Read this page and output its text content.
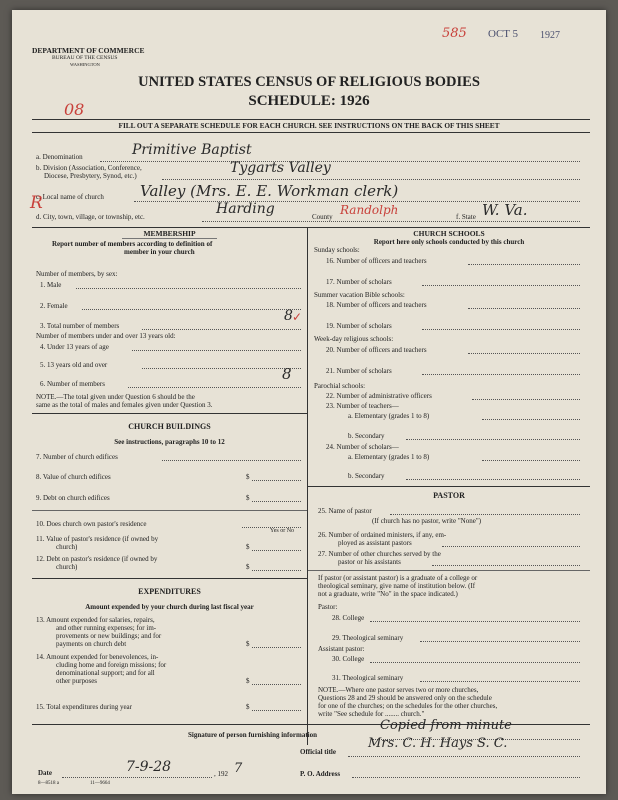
DEPARTMENT OF COMMERCE
BUREAU OF THE CENSUS
WASHINGTON
585 OCT 5 1927
UNITED STATES CENSUS OF RELIGIOUS BODIES
SCHEDULE: 1926
08
FILL OUT A SEPARATE SCHEDULE FOR EACH CHURCH. SEE INSTRUCTIONS ON THE BACK OF THIS SHEET
a. Denomination	Primitive Baptist
b. Division (Association, Conference,
Diocese, Presbytery, Synod, etc.)	Tygarts Valley
R
c. Local name of church Valley (Mrs. E. E. Workman clerk)
d. City, town, village, or township, etc.	Harding	County Randolph	f. State W. Va.
MEMBERSHIP
Report number of members according to definition of
member in your church
Number of members, by sex:
1. Male
2. Female
3. Total number of members
8 ✓
Number of members under and over 13 years old:
4. Under 13 years of age
5. 13 years old and over
6. Number of members
8
NOTE.—The total given under Question 6 should be the
same as the total of males and females given under Question 3.
CHURCH BUILDINGS
See instructions, paragraphs 10 to 12
7. Number of church edifices
8. Value of church edifices	$
9. Debt on church edifices	$
10. Does church own pastor's residence
Yes or No
11. Value of pastor's residence (if owned by
church)	$
12. Debt on pastor's residence (if owned by
church)	$
EXPENDITURES
Amount expended by your church during last fiscal year
13. Amount expended for salaries, repairs,
and other running expenses; for im-
provements or new buildings; and for
payments on church debt	$
14. Amount expended for benevolences, in-
cluding home and foreign missions; for
denominational support; and for all
other purposes	$
15. Total expenditures during year	$
CHURCH SCHOOLS
Report here only schools conducted by this church
Sunday schools:
16. Number of officers and teachers
17. Number of scholars
Summer vacation Bible schools:
18. Number of officers and teachers
19. Number of scholars
Week-day religious schools:
20. Number of officers and teachers
21. Number of scholars
Parochial schools:
22. Number of administrative officers
23. Number of teachers—
a. Elementary (grades 1 to 8)
b. Secondary
24. Number of scholars—
a. Elementary (grades 1 to 8)
b. Secondary
PASTOR
25. Name of pastor
(If church has no pastor, write "None")
26. Number of ordained ministers, if any, em-
ployed as assistant pastors
27. Number of other churches served by the
pastor or his assistants
If pastor (or assistant pastor) is a graduate of a college or
theological seminary, give name of institution below. (If
not a graduate, write "No" in the space indicated.)
Pastor:
28. College
29. Theological seminary
Assistant pastor:
30. College
31. Theological seminary
NOTE.—Where one pastor serves two or more churches,
Questions 28 and 29 should be answered only on the schedule
for one of the churches; on the schedules for the other churches,
write "See schedule for ........ church."
Signature of person furnishing information
Copied from minute
Official title
Mrs. C. H. Hays S. C.
Date	7-9-28	, 192 7	P. O. Address
8—8518 a	11—9664
